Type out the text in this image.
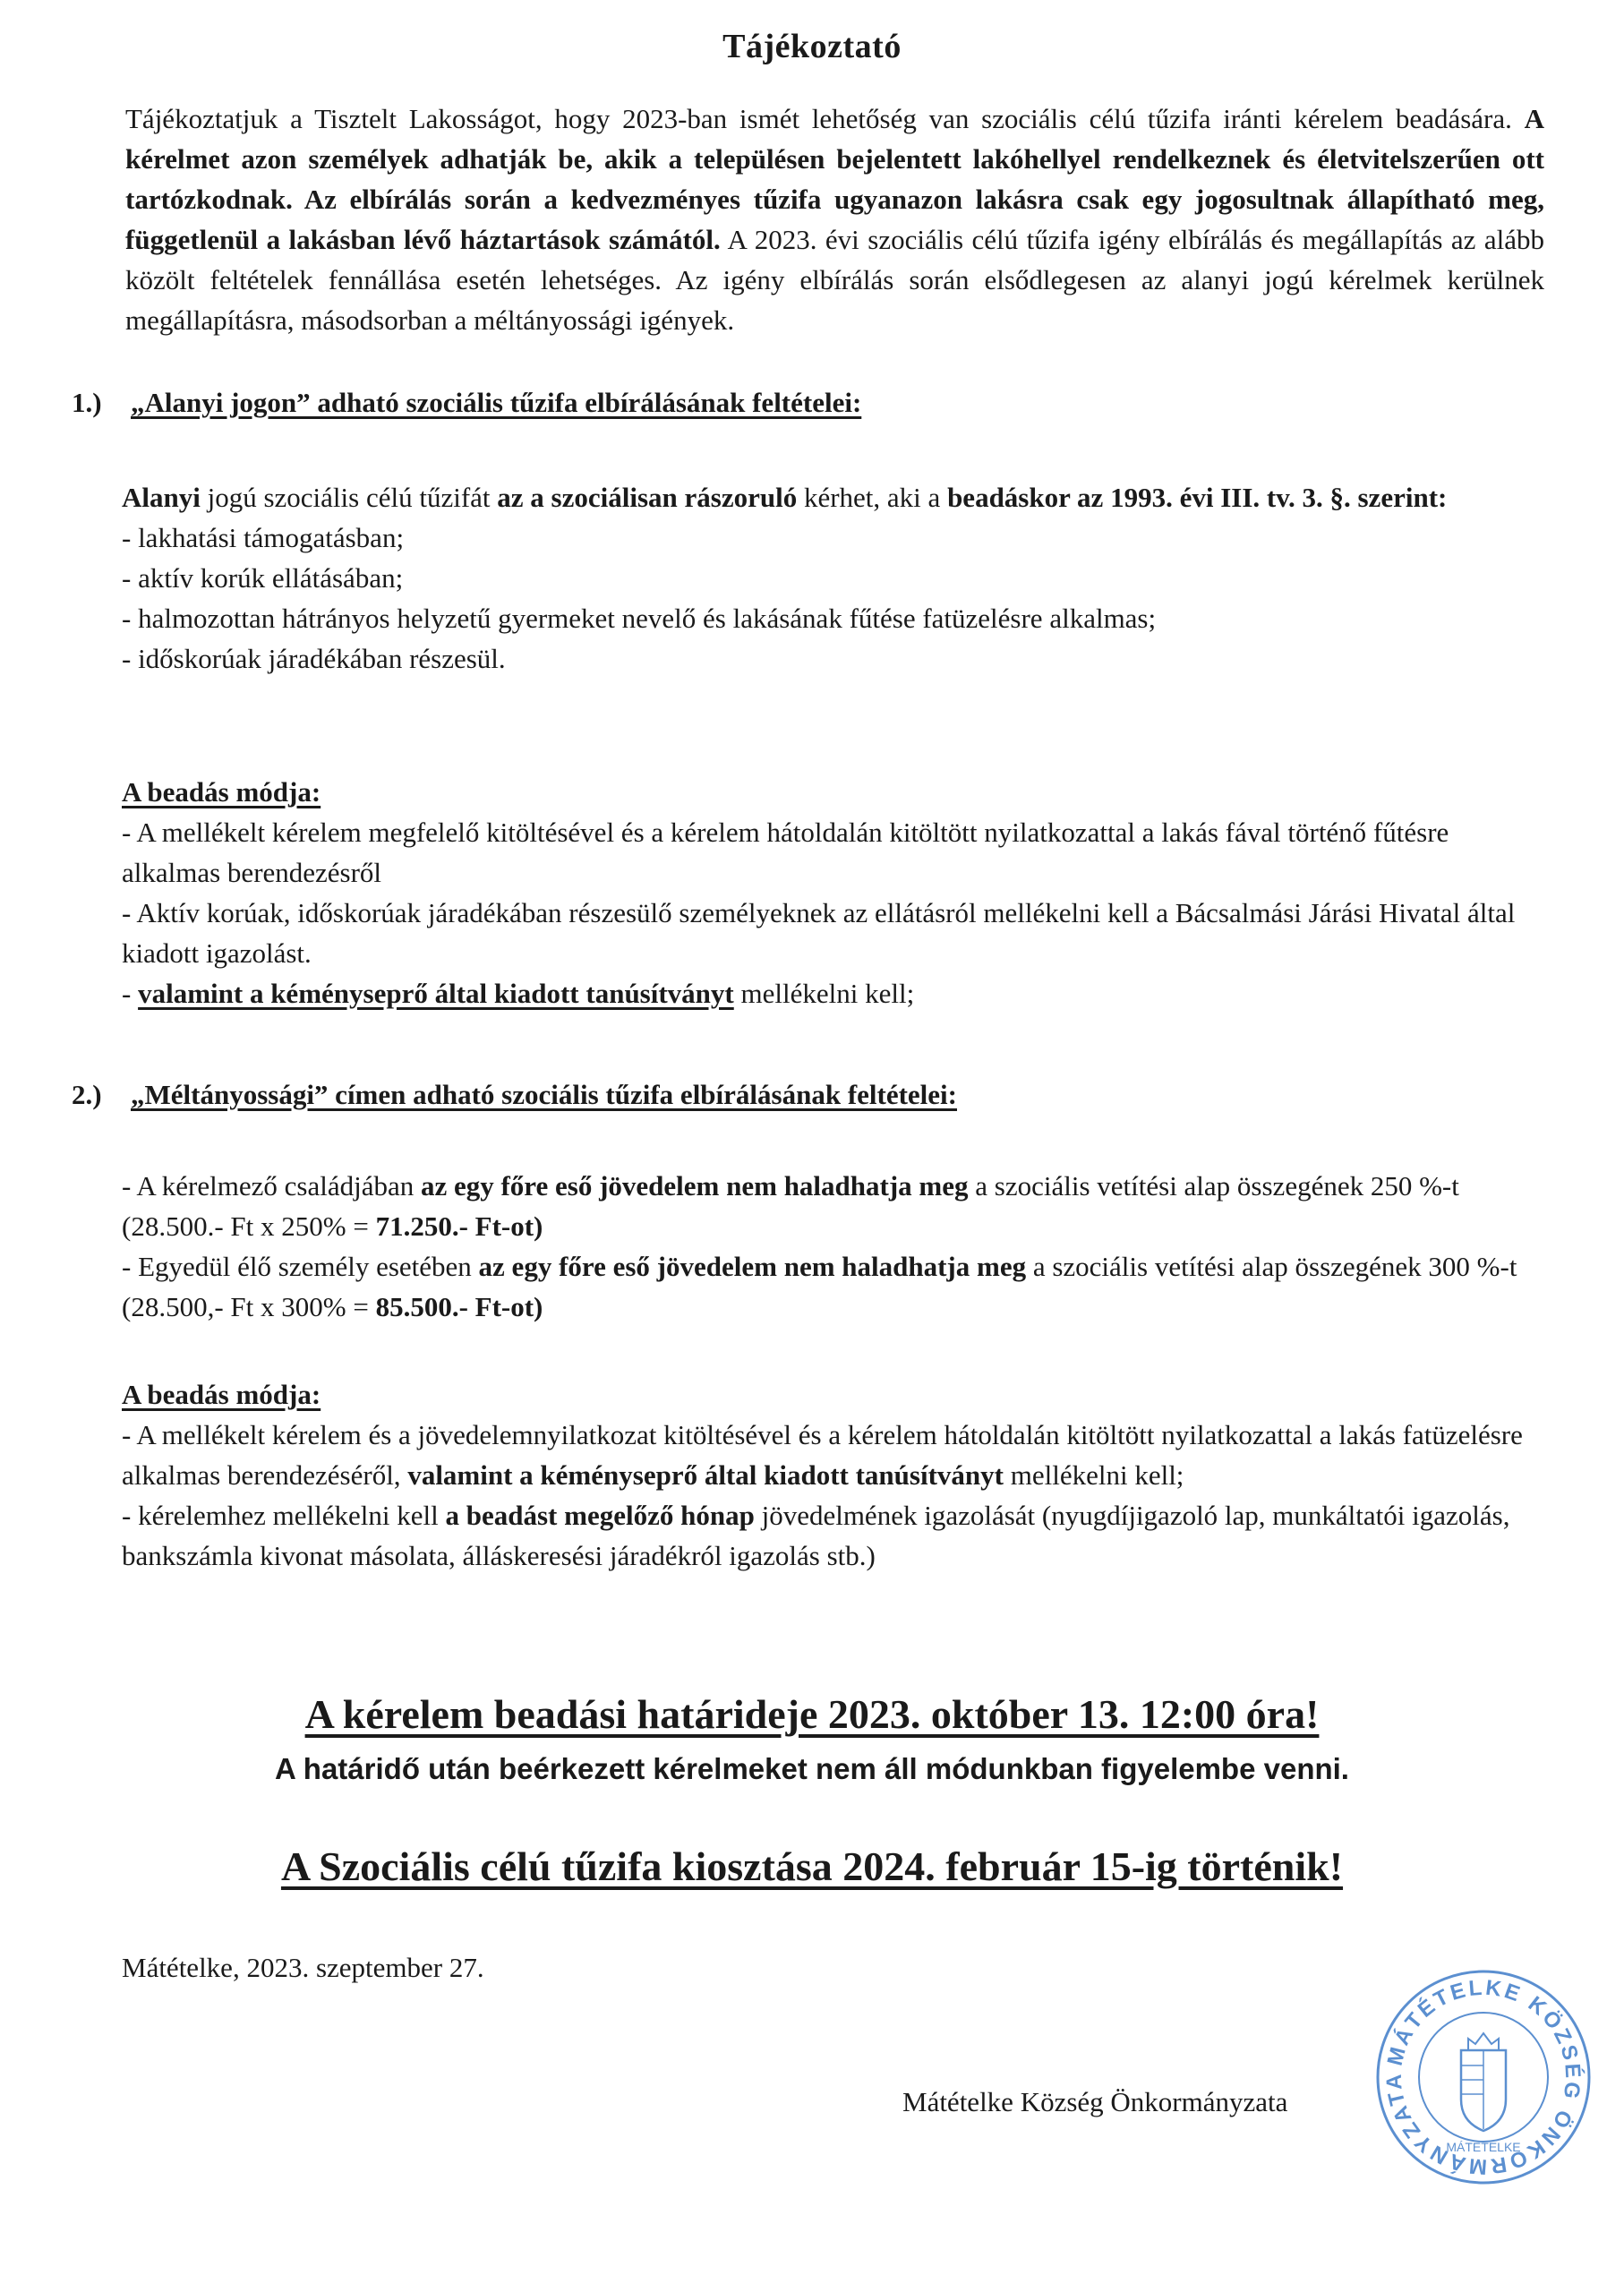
Tájékoztató
Tájékoztatjuk a Tisztelt Lakosságot, hogy 2023-ban ismét lehetőség van szociális célú tűzifa iránti kérelem beadására. A kérelmet azon személyek adhatják be, akik a településen bejelentett lakóhellyel rendelkeznek és életvitelszerűen ott tartózkodnak. Az elbírálás során a kedvezményes tűzifa ugyanazon lakásra csak egy jogosultnak állapítható meg, függetlenül a lakásban lévő háztartások számától. A 2023. évi szociális célú tűzifa igény elbírálás és megállapítás az alább közölt feltételek fennállása esetén lehetséges. Az igény elbírálás során elsődlegesen az alanyi jogú kérelmek kerülnek megállapításra, másodsorban a méltányossági igények.
1.) „Alanyi jogon” adható szociális tűzifa elbírálásának feltételei:

Alanyi jogú szociális célú tűzifát az a szociálisan rászoruló kérhet, aki a beadáskor az 1993. évi III. tv. 3. §. szerint:

- lakhatási támogatásban;

- aktív korúk ellátásában;

- halmozottan hátrányos helyzetű gyermeket nevelő és lakásának fűtése fatüzelésre alkalmas;

- időskorúak járadékában részesül.

A beadás módja:

- A mellékelt kérelem megfelelő kitöltésével és a kérelem hátoldalán kitöltött nyilatkozattal a lakás fával történő fűtésre alkalmas berendezésről

- Aktív korúak, időskorúak járadékában részesülő személyeknek az ellátásról mellékelni kell a Bácsalmási Járási Hivatal által kiadott igazolást.

- valamint a kéményseprő által kiadott tanúsítványt mellékelni kell;

2.) „Méltányossági” címen adható szociális tűzifa elbírálásának feltételei:

- A kérelmező családjában az egy főre eső jövedelem nem haladhatja meg a szociális vetítési alap összegének 250 %-t (28.500.- Ft x 250% = 71.250.- Ft-ot)

- Egyedül élő személy esetében az egy főre eső jövedelem nem haladhatja meg a szociális vetítési alap összegének 300 %-t (28.500,- Ft x 300% = 85.500.- Ft-ot)

A beadás módja:

- A mellékelt kérelem és a jövedelemnyilatkozat kitöltésével és a kérelem hátoldalán kitöltött nyilatkozattal a lakás fatüzelésre alkalmas berendezéséről, valamint a kéményseprő által kiadott tanúsítványt mellékelni kell;

- kérelemhez mellékelni kell a beadást megelőző hónap jövedelmének igazolását (nyugdíjigazoló lap, munkáltatói igazolás, bankszámla kivonat másolata, álláskeresési járadékról igazolás stb.)

A kérelem beadási határideje 2023. október 13. 12:00 óra!
A határidő után beérkezett kérelmeket nem áll módunkban figyelembe venni.
A Szociális célú tűzifa kiosztása 2024. február 15-ig történik!
Mátételke, 2023. szeptember 27.
Mátételke Község Önkormányzata
MÁTÉTELKE KÖZSÉG ÖNKORMÁNYZATA
MÁTÉTELKE
